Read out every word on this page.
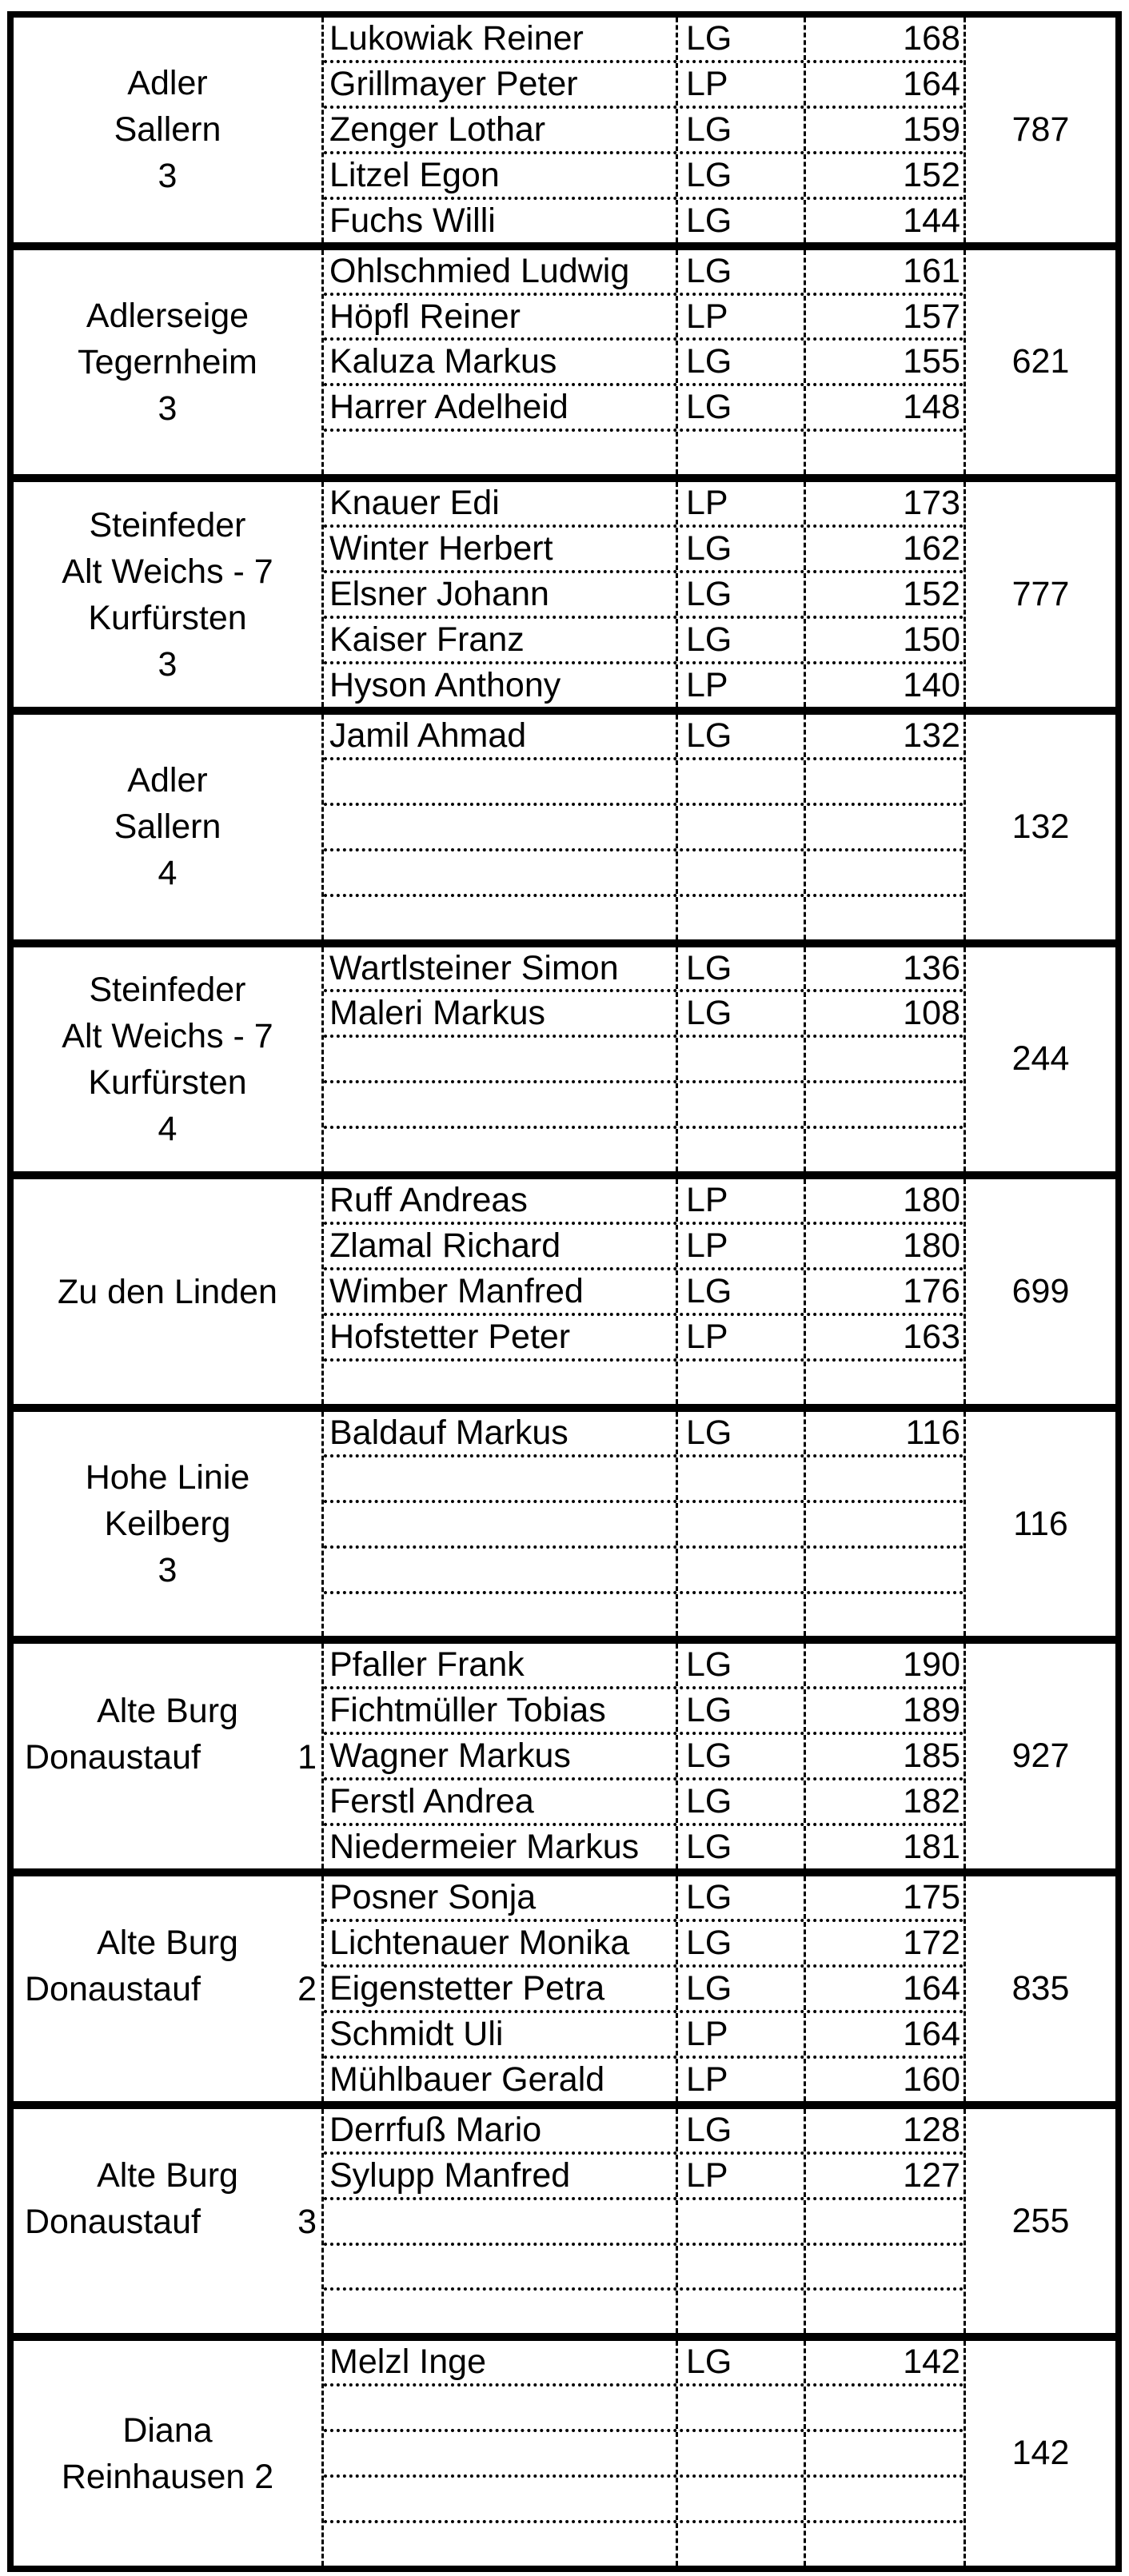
Adler
Sallern
3
Lukowiak Reiner	LG	168
Grillmayer Peter	LP	164
Zenger Lothar	LG	159
Litzel Egon	LG	152
Fuchs Willi	LG	144
787
Adlerseige
Tegernheim
3
Ohlschmied Ludwig	LG	161
Höpfl Reiner	LP	157
Kaluza Markus	LG	155
Harrer Adelheid	LG	148
621
Steinfeder
Alt Weichs - 7
Kurfürsten
3
Knauer Edi	LP	173
Winter Herbert	LG	162
Elsner Johann	LG	152
Kaiser Franz	LG	150
Hyson Anthony	LP	140
777
Adler
Sallern
4
Jamil Ahmad	LG	132
132
Steinfeder
Alt Weichs - 7
Kurfürsten
4
Wartlsteiner Simon	LG	136
Maleri Markus	LG	108
244
Zu den Linden
Ruff Andreas	LP	180
Zlamal Richard	LP	180
Wimber Manfred	LG	176
Hofstetter Peter	LP	163
699
Hohe Linie
Keilberg
3
Baldauf Markus	LG	116
116
Alte Burg
Donaustauf	1
Pfaller Frank	LG	190
Fichtmüller Tobias	LG	189
Wagner Markus	LG	185
Ferstl Andrea	LG	182
Niedermeier Markus	LG	181
927
Alte Burg
Donaustauf	2
Posner Sonja	LG	175
Lichtenauer Monika	LG	172
Eigenstetter Petra	LG	164
Schmidt Uli	LP	164
Mühlbauer Gerald	LP	160
835
Alte Burg
Donaustauf	3
Derrfuß Mario	LG	128
Sylupp Manfred	LP	127
255
Diana
Reinhausen 2
Melzl Inge	LG	142
142
